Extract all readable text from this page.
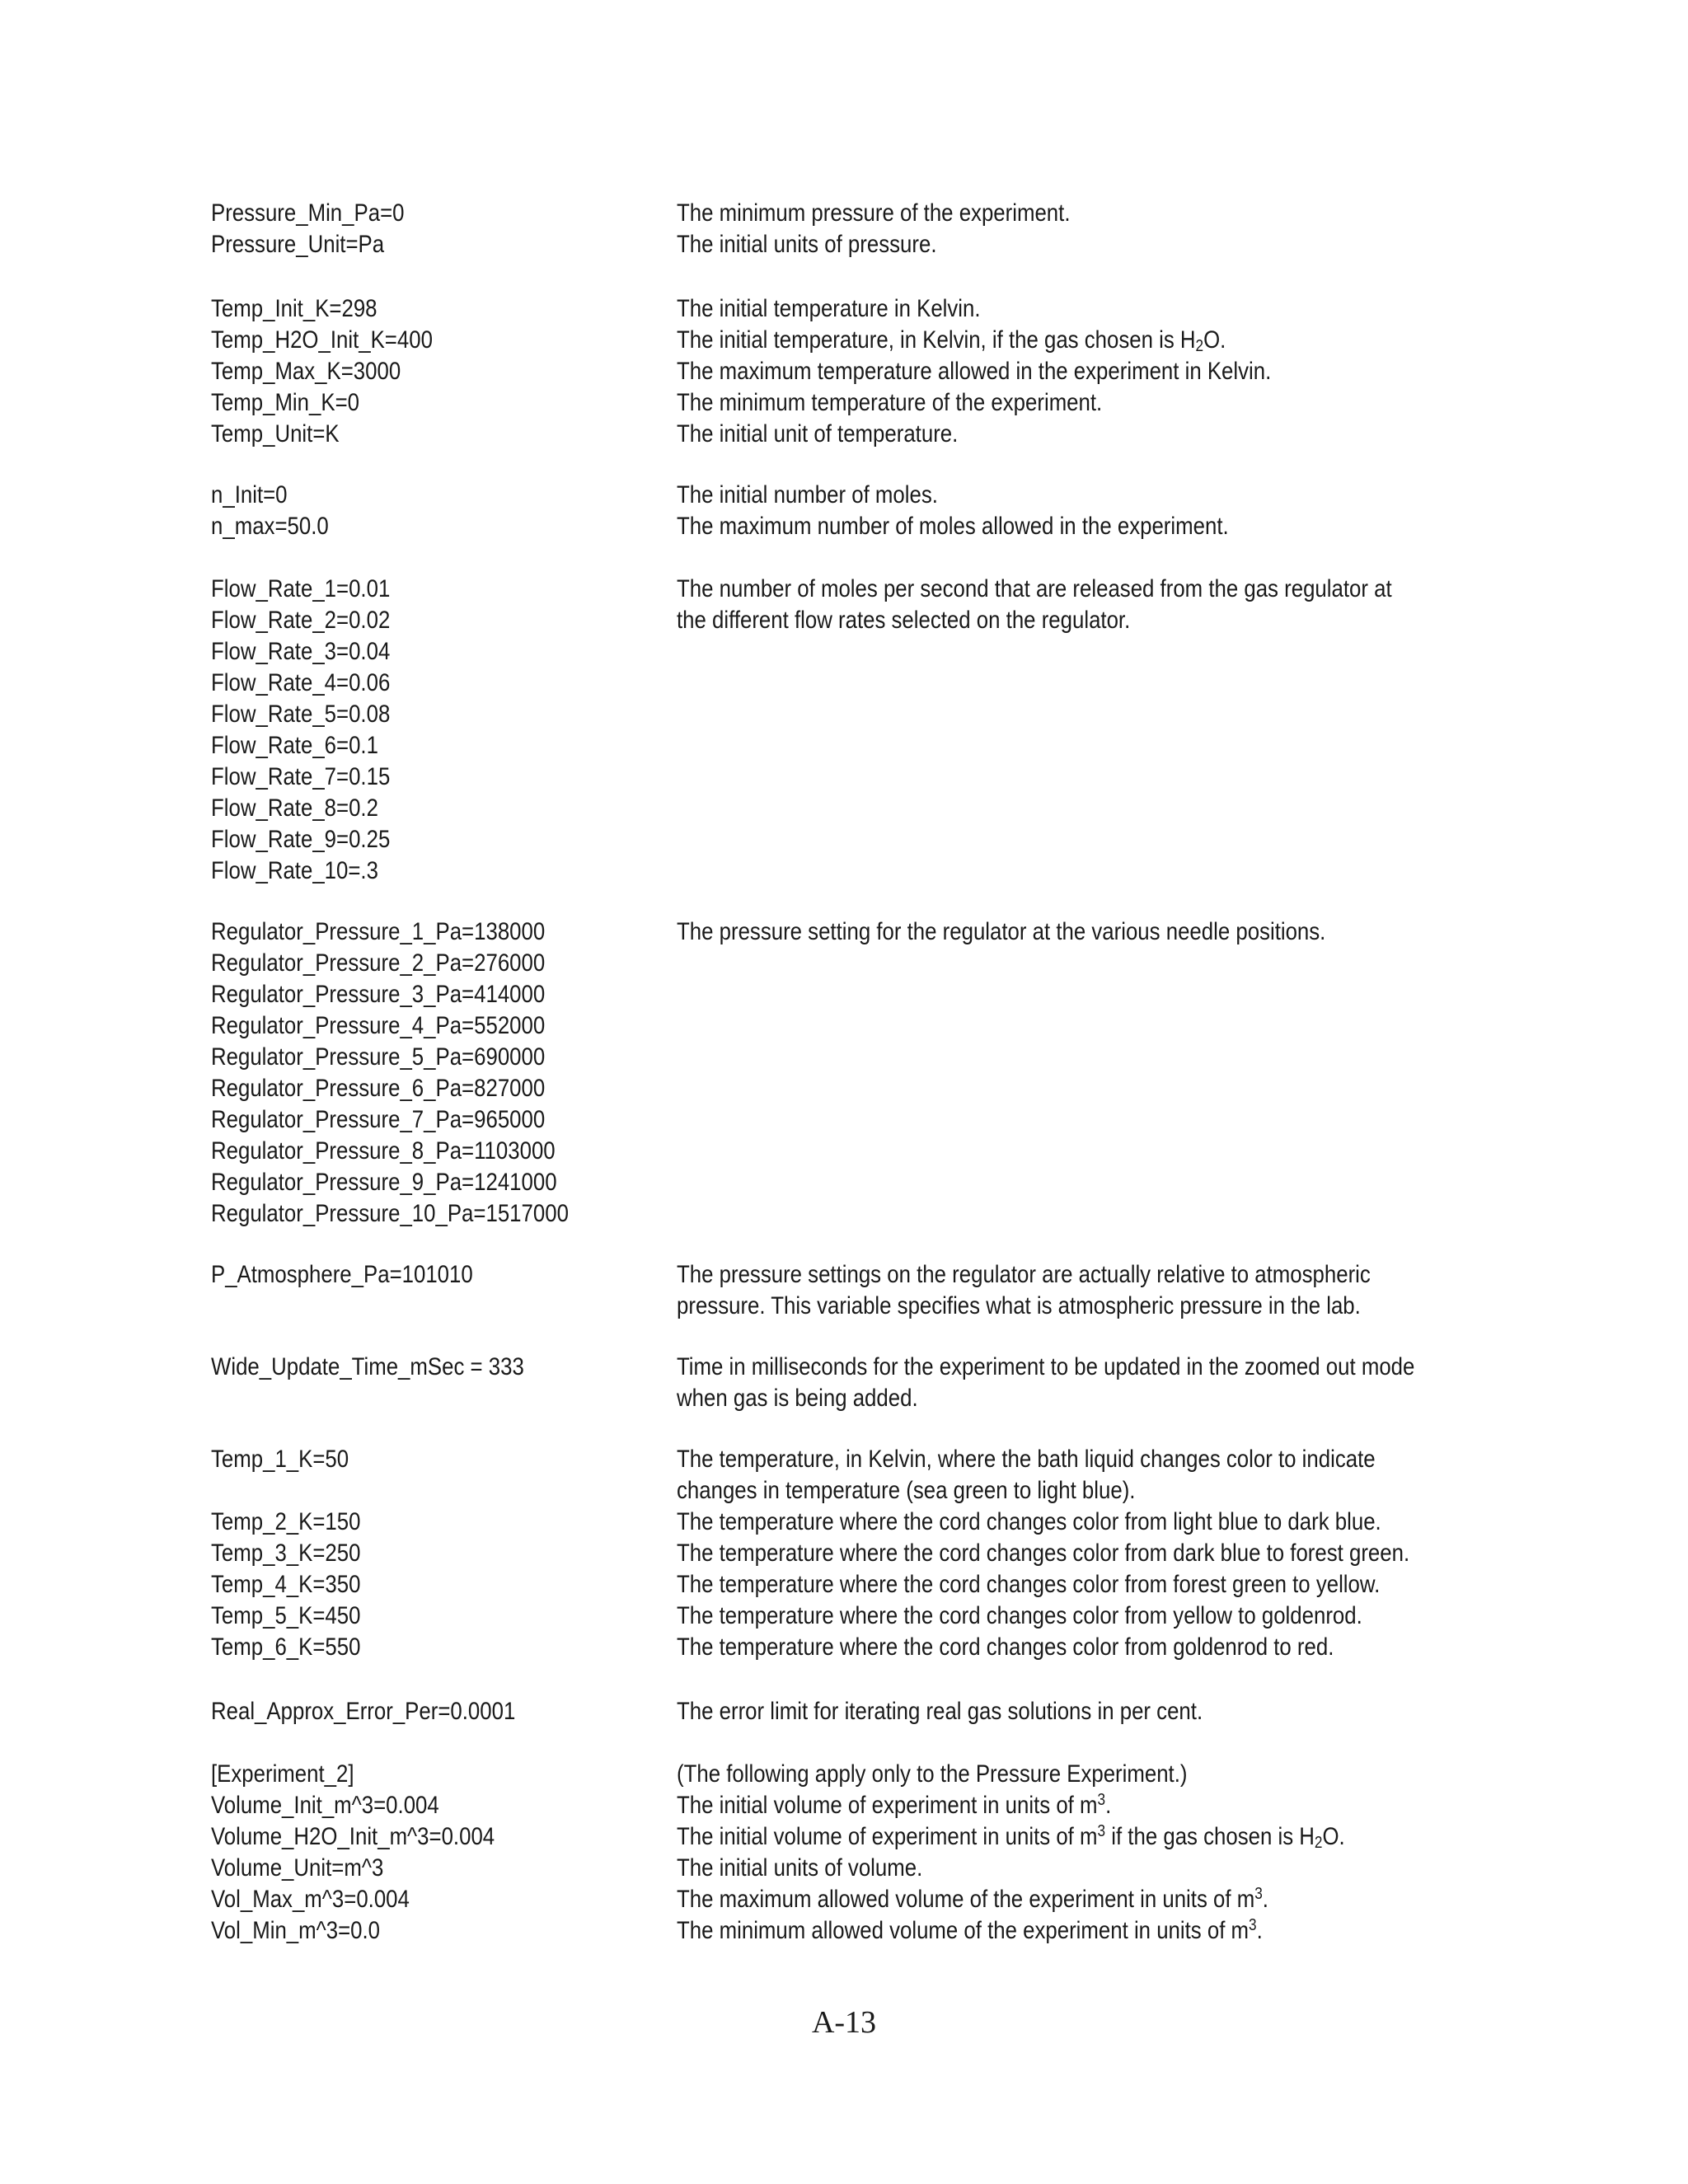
Pressure_Min_Pa=0	The minimum pressure of the experiment.
Pressure_Unit=Pa	The initial units of pressure.
Temp_Init_K=298	The initial temperature in Kelvin.
Temp_H2O_Init_K=400	The initial temperature, in Kelvin, if the gas chosen is $H_2O$.
Temp_Max_K=3000	The maximum temperature allowed in the experiment in Kelvin.
Temp_Min_K=0	The minimum temperature of the experiment.
Temp_Unit=K	The initial unit of temperature.
n_Init=0	The initial number of moles.
n_max=50.0	The maximum number of moles allowed in the experiment.
Flow_Rate_1=0.01	The number of moles per second that are released from the gas regulator at
Flow_Rate_2=0.02	the different flow rates selected on the regulator.
Flow_Rate_3=0.04
Flow_Rate_4=0.06
Flow_Rate_5=0.08
Flow_Rate_6=0.1
Flow_Rate_7=0.15
Flow_Rate_8=0.2
Flow_Rate_9=0.25
Flow_Rate_10=.3
Regulator_Pressure_1_Pa=138000	The pressure setting for the regulator at the various needle positions.
Regulator_Pressure_2_Pa=276000
Regulator_Pressure_3_Pa=414000
Regulator_Pressure_4_Pa=552000
Regulator_Pressure_5_Pa=690000
Regulator_Pressure_6_Pa=827000
Regulator_Pressure_7_Pa=965000
Regulator_Pressure_8_Pa=1103000
Regulator_Pressure_9_Pa=1241000
Regulator_Pressure_10_Pa=1517000
P_Atmosphere_Pa=101010	The pressure settings on the regulator are actually relative to atmospheric
pressure. This variable specifies what is atmospheric pressure in the lab.
Wide_Update_Time_mSec = 333	Time in milliseconds for the experiment to be updated in the zoomed out mode
when gas is being added.
Temp_1_K=50	The temperature, in Kelvin, where the bath liquid changes color to indicate
changes in temperature (sea green to light blue).
Temp_2_K=150	The temperature where the cord changes color from light blue to dark blue.
Temp_3_K=250	The temperature where the cord changes color from dark blue to forest green.
Temp_4_K=350	The temperature where the cord changes color from forest green to yellow.
Temp_5_K=450	The temperature where the cord changes color from yellow to goldenrod.
Temp_6_K=550	The temperature where the cord changes color from goldenrod to red.
Real_Approx_Error_Per=0.0001	The error limit for iterating real gas solutions in per cent.
[Experiment_2]	(The following apply only to the Pressure Experiment.)
Volume_Init_m^3=0.004	The initial volume of experiment in units of $m^3$.
Volume_H2O_Init_m^3=0.004	The initial volume of experiment in units of $m^3$ if the gas chosen is $H_2O$.
Volume_Unit=m^3	The initial units of volume.
Vol_Max_m^3=0.004	The maximum allowed volume of the experiment in units of $m^3$.
Vol_Min_m^3=0.0	The minimum allowed volume of the experiment in units of $m^3$.
A-13
